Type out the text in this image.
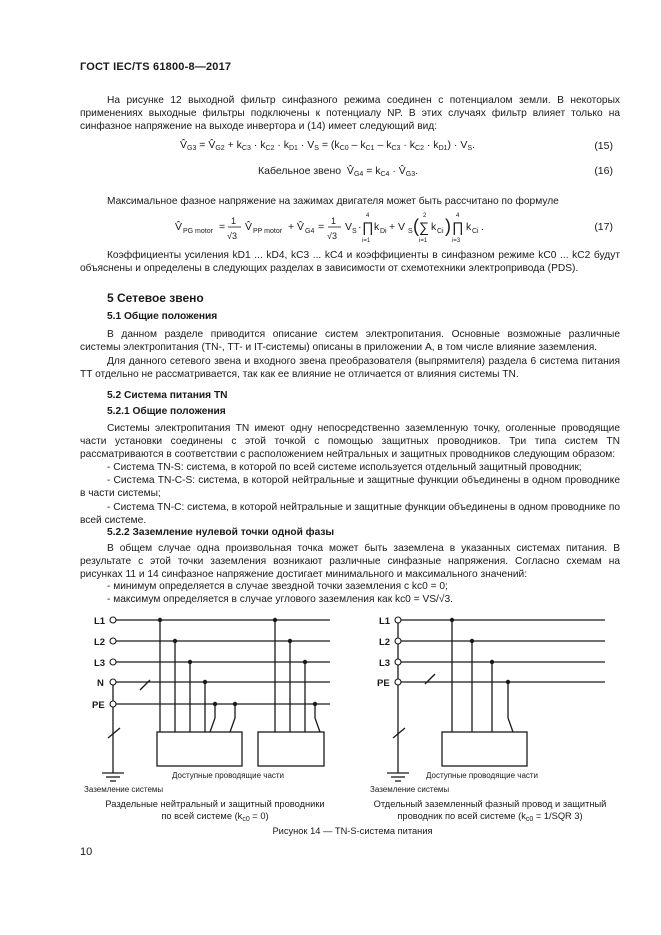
ГОСТ IEC/TS 61800-8—2017
На рисунке 12 выходной фильтр синфазного режима соединен с потенциалом земли. В некоторых применениях выходные фильтры подключены к потенциалу NP. В этих случаях фильтр влияет только на синфазное напряжение на выходе инвертора и (14) имеет следующий вид:
$V̂_{G3}$ = $V̂_{G2} + k_{C3} \cdot k_{C2} \cdot k_{D1} \cdot V_S = (k_{C0} - k_{C1} - k_{C3} \cdot k_{C2} \cdot k_{D1}) \cdot V_S$.	(15)
Кабельное звено  $V̂_{G4} = k_{C4}$ · $V̂_{G3}$.	(16)
Максимальное фазное напряжение на зажимах двигателя может быть рассчитано по формуле
V̂ PG motor = 1
√3
V̂ PP motor + V̂ G4 = 1
√3
V S ·
4
∏
i=1
k Di + V S ( 2
∑
i=1
k Ci ) 4
∏
i=3
k Ci .	(17)
Коэффициенты усиления kD1 ... kD4, kC3 ... kC4 и коэффициенты в синфазном режиме kC0 ... kC2 будут объяснены и определены в следующих разделах в зависимости от схемотехники электропривода (PDS).
5 Сетевое звено
5.1 Общие положения
В данном разделе приводится описание систем электропитания. Основные возможные различные системы электропитания (TN-, TT- и IT-системы) описаны в приложении A, в том числе влияние заземления.
Для данного сетевого звена и входного звена преобразователя (выпрямителя) раздела 6 система питания TT отдельно не рассматривается, так как ее влияние не отличается от влияния системы TN.
5.2 Система питания TN
5.2.1 Общие положения
Системы электропитания TN имеют одну непосредственно заземленную точку, оголенные проводящие части установки соединены с этой точкой с помощью защитных проводников. Три типа систем TN рассматриваются в соответствии с расположением нейтральных и защитных проводников следующим образом:
- Система TN-S: система, в которой по всей системе используется отдельный защитный проводник;
- Система TN-C-S: система, в которой нейтральные и защитные функции объединены в одном проводнике в части системы;
- Система TN-C: система, в которой нейтральные и защитные функции объединены в одном проводнике по всей системе.
5.2.2 Заземление нулевой точки одной фазы
В общем случае одна произвольная точка может быть заземлена в указанных системах питания. В результате с этой точки заземления возникают различные синфазные напряжения. Согласно схемам на рисунках 11 и 14 синфазное напряжение достигает минимального и максимального значений:
- минимум определяется в случае звездной точки заземления с kc0 = 0;
- максимум определяется в случае углового заземления как kc0 = VS/√3.
L1
L2
L3
N
PE
L1
L2
L3
PE
Заземление системы
Доступные проводящие части
Заземление системы
Доступные проводящие части
Раздельные нейтральный и защитный проводники
по всей системе $(k_{c0} = 0)$
Отдельный заземленный фазный провод и защитный
проводник по всей системе ($k_{c0} = 1/SQR$ 3)
Рисунок 14 — TN-S-система питания
10
